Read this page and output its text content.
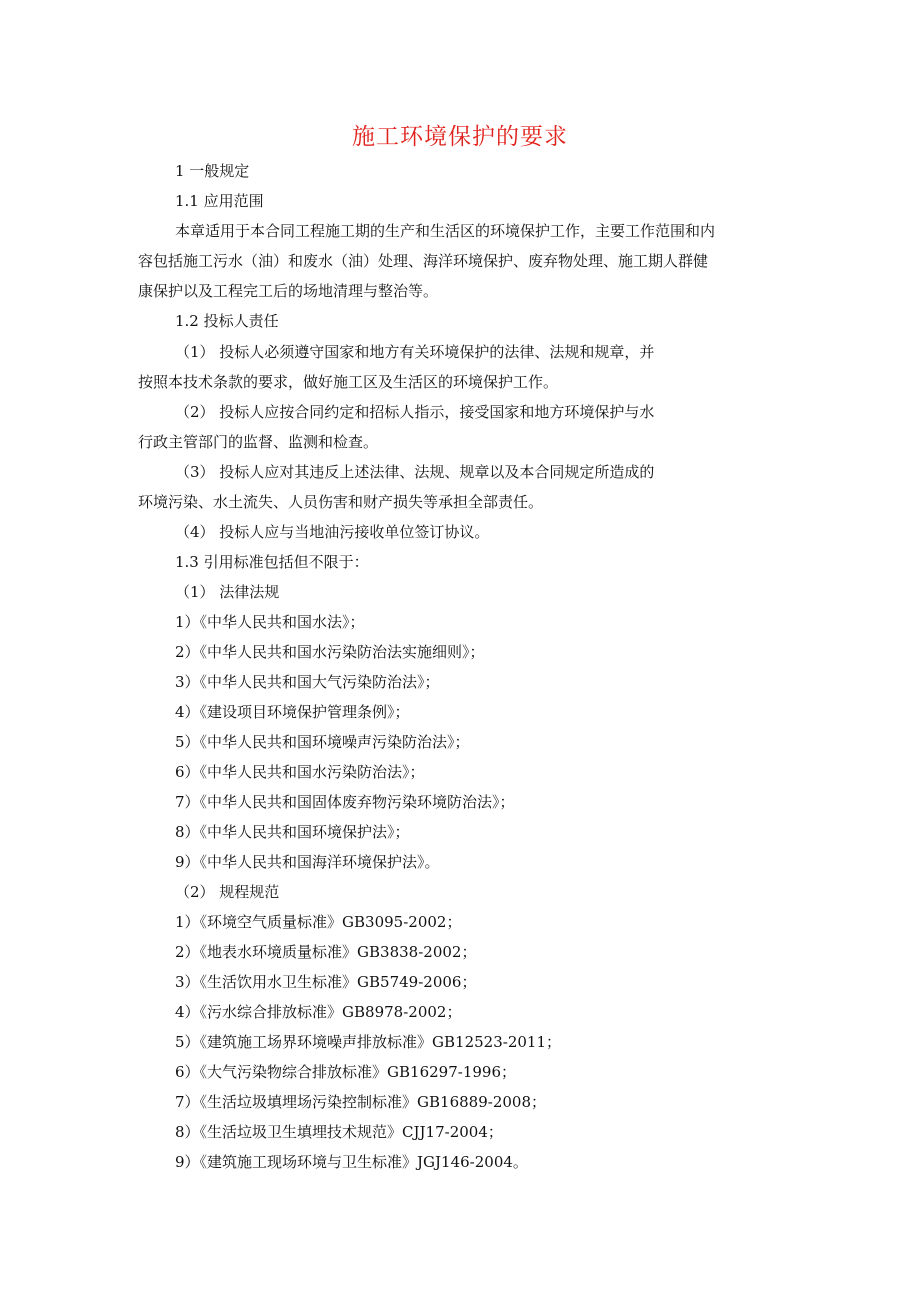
施工环境保护的要求
1 一般规定
1.1 应用范围
本章适用于本合同工程施工期的生产和生活区的环境保护工作，主要工作范围和内
容包括施工污水（油）和废水（油）处理、海洋环境保护、废弃物处理、施工期人群健
康保护以及工程完工后的场地清理与整治等。
1.2 投标人责任
（1） 投标人必须遵守国家和地方有关环境保护的法律、法规和规章，并
按照本技术条款的要求，做好施工区及生活区的环境保护工作。
（2） 投标人应按合同约定和招标人指示，接受国家和地方环境保护与水
行政主管部门的监督、监测和检查。
（3） 投标人应对其违反上述法律、法规、规章以及本合同规定所造成的
环境污染、水土流失、人员伤害和财产损失等承担全部责任。
（4） 投标人应与当地油污接收单位签订协议。
1.3 引用标准包括但不限于：
（1） 法律法规
1）《中华人民共和国水法》；
2）《中华人民共和国水污染防治法实施细则》；
3）《中华人民共和国大气污染防治法》；
4）《建设项目环境保护管理条例》；
5）《中华人民共和国环境噪声污染防治法》；
6）《中华人民共和国水污染防治法》；
7）《中华人民共和国固体废弃物污染环境防治法》；
8）《中华人民共和国环境保护法》；
9）《中华人民共和国海洋环境保护法》。
（2） 规程规范
1）《环境空气质量标准》GB3095-2002；
2）《地表水环境质量标准》GB3838-2002；
3）《生活饮用水卫生标准》GB5749-2006；
4）《污水综合排放标准》GB8978-2002；
5）《建筑施工场界环境噪声排放标准》GB12523-2011；
6）《大气污染物综合排放标准》GB16297-1996；
7）《生活垃圾填埋场污染控制标准》GB16889-2008；
8）《生活垃圾卫生填埋技术规范》CJJ17-2004；
9）《建筑施工现场环境与卫生标准》JGJ146-2004。
